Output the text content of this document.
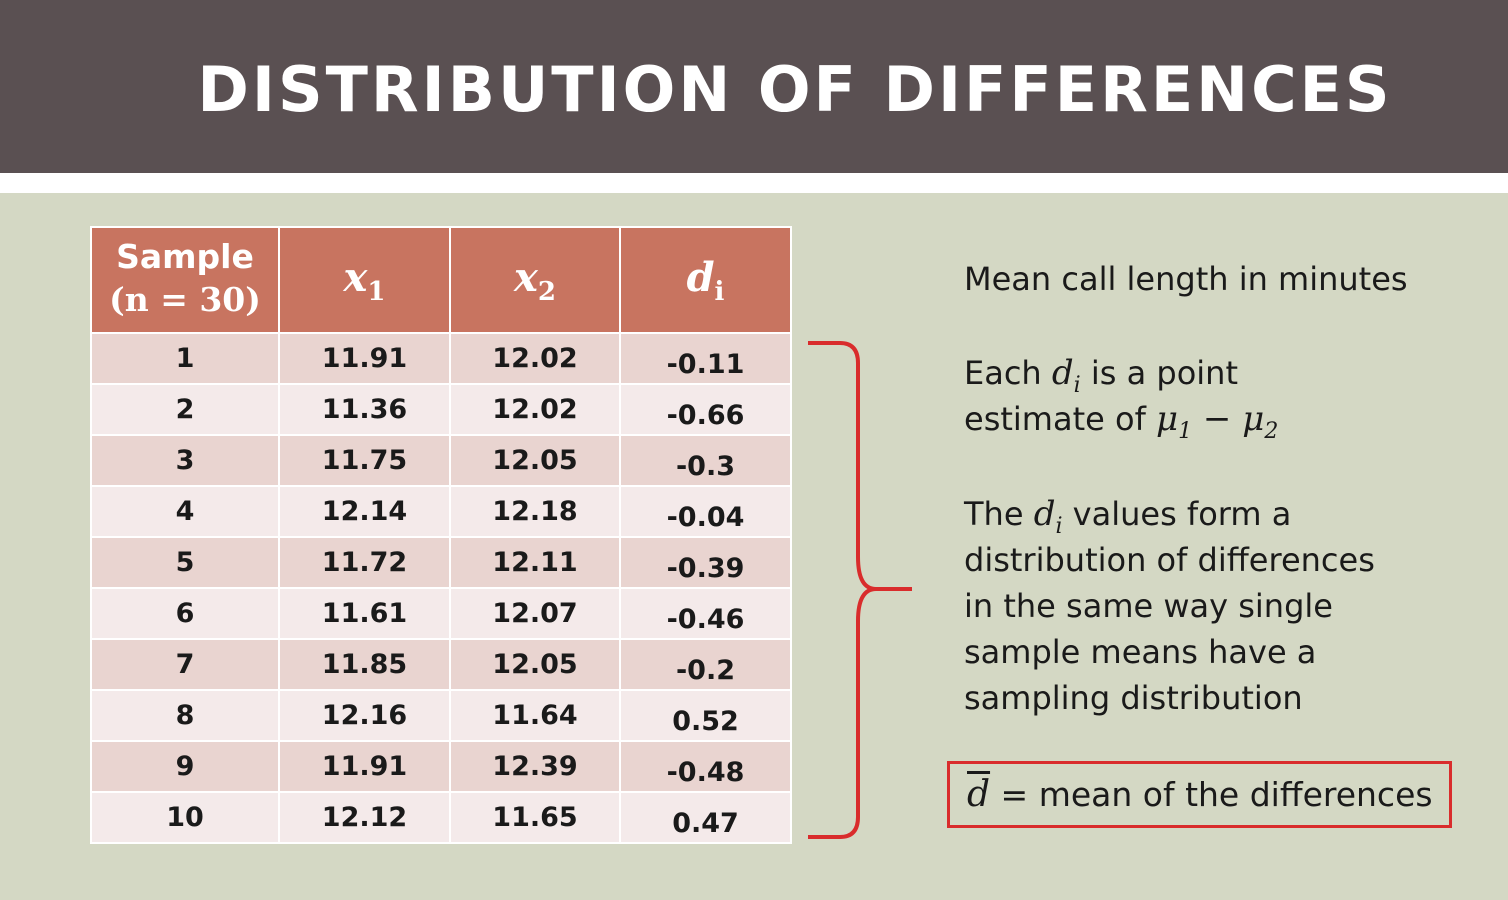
DISTRIBUTION OF DIFFERENCES
Sample
(n = 30)	$x_1$	$x_2$	$d_i$
1	11.91	12.02	-0.11
2	11.36	12.02	-0.66
3	11.75	12.05	-0.3
4	12.14	12.18	-0.04
5	11.72	12.11	-0.39
6	11.61	12.07	-0.46
7	11.85	12.05	-0.2
8	12.16	11.64	0.52
9	11.91	12.39	-0.48
10	12.12	11.65	0.47
Mean call length in minutes
Each $d_i$ is a point
estimate of $\mu_1 - \mu_2$
The $d_i$ values form a
distribution of differences
in the same way single
sample means have a
sampling distribution
$\overline{d}$ = mean of the differences
